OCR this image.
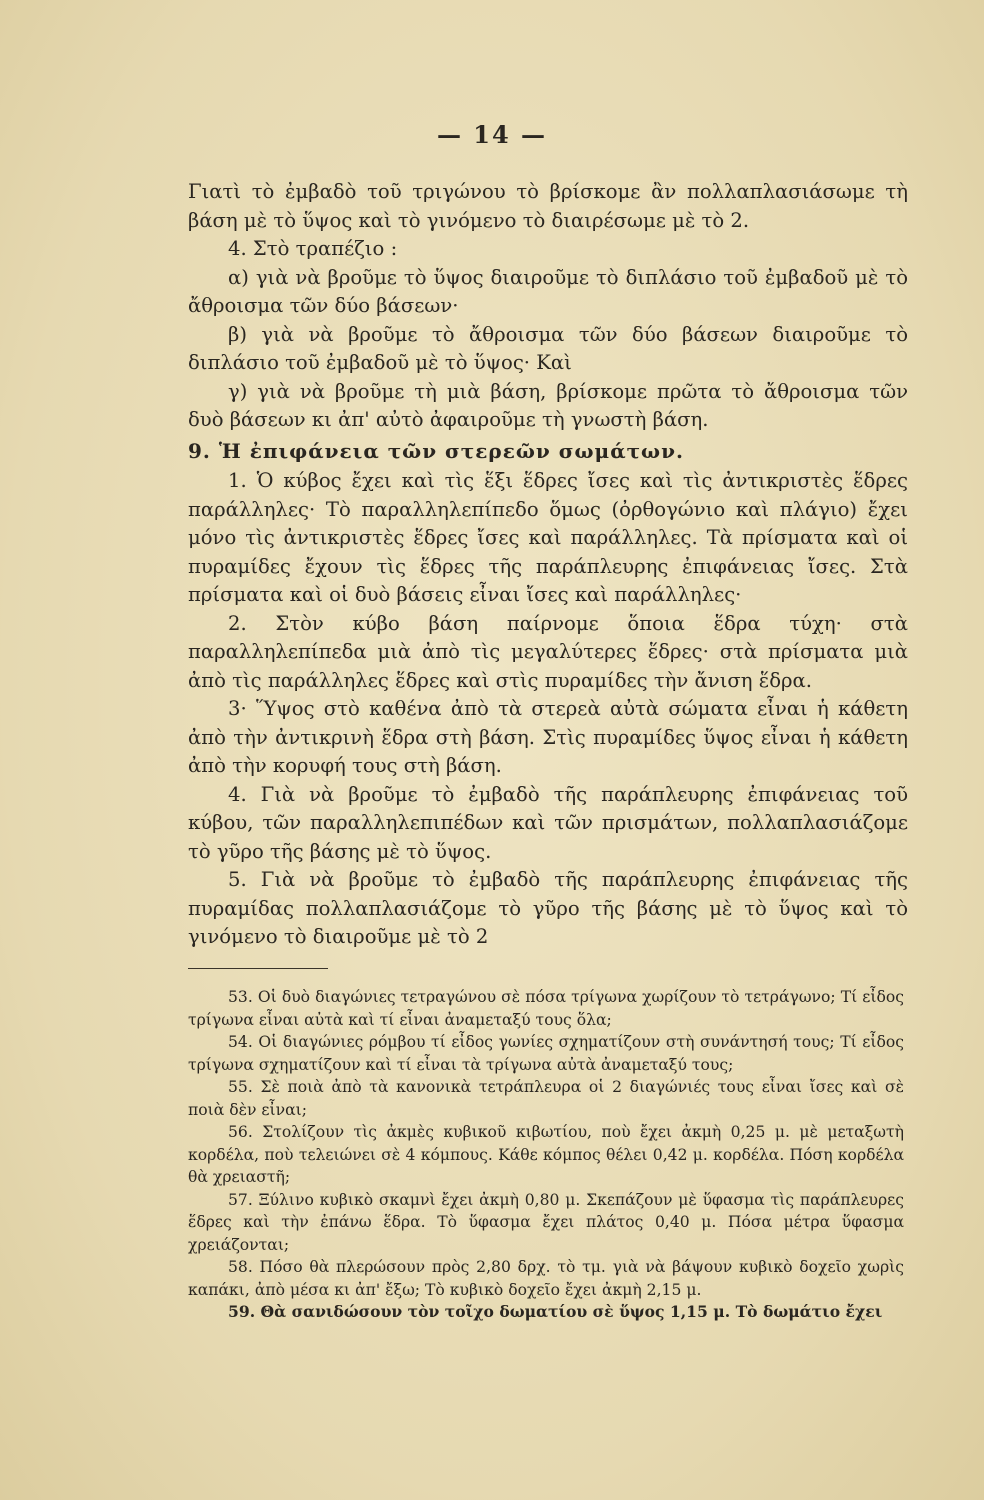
— 14 —

Γιατὶ τὸ ἐμβαδὸ τοῦ τριγώνου τὸ βρίσκομε ἂν πολλαπλασιάσωμε τὴ βάση μὲ τὸ ὕψος καὶ τὸ γινόμενο τὸ διαιρέσωμε μὲ τὸ 2.

4. Στὸ τραπέζιο :

α) γιὰ νὰ βροῦμε τὸ ὕψος διαιροῦμε τὸ διπλάσιο τοῦ ἐμβαδοῦ μὲ τὸ ἄθροισμα τῶν δύο βάσεων·

β) γιὰ νὰ βροῦμε τὸ ἄθροισμα τῶν δύο βάσεων διαιροῦμε τὸ διπλάσιο τοῦ ἐμβαδοῦ μὲ τὸ ὕψος· Καὶ

γ) γιὰ νὰ βροῦμε τὴ μιὰ βάση, βρίσκομε πρῶτα τὸ ἄθροισμα τῶν δυὸ βάσεων κι ἀπ' αὐτὸ ἀφαιροῦμε τὴ γνωστὴ βάση.

9. Ἡ ἐπιφάνεια τῶν στερεῶν σωμάτων.

1. Ὁ κύβος ἔχει καὶ τὶς ἕξι ἕδρες ἴσες καὶ τὶς ἀντικριστὲς ἕδρες παράλληλες· Τὸ παραλληλεπίπεδο ὅμως (ὀρθογώνιο καὶ πλάγιο) ἔχει μόνο τὶς ἀντικριστὲς ἕδρες ἴσες καὶ παράλληλες. Τὰ πρίσματα καὶ οἱ πυραμίδες ἔχουν τὶς ἕδρες τῆς παράπλευρης ἐπιφάνειας ἴσες. Στὰ πρίσματα καὶ οἱ δυὸ βάσεις εἶναι ἴσες καὶ παράλληλες·

2. Στὸν κύβο βάση παίρνομε ὅποια ἕδρα τύχη· στὰ παραλληλεπίπεδα μιὰ ἀπὸ τὶς μεγαλύτερες ἕδρες· στὰ πρίσματα μιὰ ἀπὸ τὶς παράλληλες ἕδρες καὶ στὶς πυραμίδες τὴν ἄνιση ἕδρα.

3· Ὕψος στὸ καθένα ἀπὸ τὰ στερεὰ αὐτὰ σώματα εἶναι ἡ κάθετη ἀπὸ τὴν ἀντικρινὴ ἕδρα στὴ βάση. Στὶς πυραμίδες ὕψος εἶναι ἡ κάθετη ἀπὸ τὴν κορυφή τους στὴ βάση.

4. Γιὰ νὰ βροῦμε τὸ ἐμβαδὸ τῆς παράπλευρης ἐπιφάνειας τοῦ κύβου, τῶν παραλληλεπιπέδων καὶ τῶν πρισμάτων, πολλαπλασιάζομε τὸ γῦρο τῆς βάσης μὲ τὸ ὕψος.

5. Γιὰ νὰ βροῦμε τὸ ἐμβαδὸ τῆς παράπλευρης ἐπιφάνειας τῆς πυραμίδας πολλαπλασιάζομε τὸ γῦρο τῆς βάσης μὲ τὸ ὕψος καὶ τὸ γινόμενο τὸ διαιροῦμε μὲ τὸ 2

53. Οἱ δυὸ διαγώνιες τετραγώνου σὲ πόσα τρίγωνα χωρίζουν τὸ τετράγωνο; Τί εἶδος τρίγωνα εἶναι αὐτὰ καὶ τί εἶναι ἀναμεταξύ τους ὅλα;

54. Οἱ διαγώνιες ρόμβου τί εἶδος γωνίες σχηματίζουν στὴ συνάντησή τους; Τί εἶδος τρίγωνα σχηματίζουν καὶ τί εἶναι τὰ τρίγωνα αὐτὰ ἀναμεταξύ τους;

55. Σὲ ποιὰ ἀπὸ τὰ κανονικὰ τετράπλευρα οἱ 2 διαγώνιές τους εἶναι ἴσες καὶ σὲ ποιὰ δὲν εἶναι;

56. Στολίζουν τὶς ἀκμὲς κυβικοῦ κιβωτίου, ποὺ ἔχει ἀκμὴ 0,25 μ. μὲ μεταξωτὴ κορδέλα, ποὺ τελειώνει σὲ 4 κόμπους. Κάθε κόμπος θέλει 0,42 μ. κορδέλα. Πόση κορδέλα θὰ χρειαστῆ;

57. Ξύλινο κυβικὸ σκαμνὶ ἔχει ἀκμὴ 0,80 μ. Σκεπάζουν μὲ ὕφασμα τὶς παράπλευρες ἕδρες καὶ τὴν ἐπάνω ἕδρα. Τὸ ὕφασμα ἔχει πλάτος 0,40 μ. Πόσα μέτρα ὕφασμα χρειάζονται;

58. Πόσο θὰ πλερώσουν πρὸς 2,80 δρχ. τὸ τμ. γιὰ νὰ βάψουν κυβικὸ δοχεῖο χωρὶς καπάκι, ἀπὸ μέσα κι ἀπ' ἔξω; Τὸ κυβικὸ δοχεῖο ἔχει ἀκμὴ 2,15 μ.

59. Θὰ σανιδώσουν τὸν τοῖχο δωματίου σὲ ὕψος 1,15 μ. Τὸ δωμάτιο ἔχει
